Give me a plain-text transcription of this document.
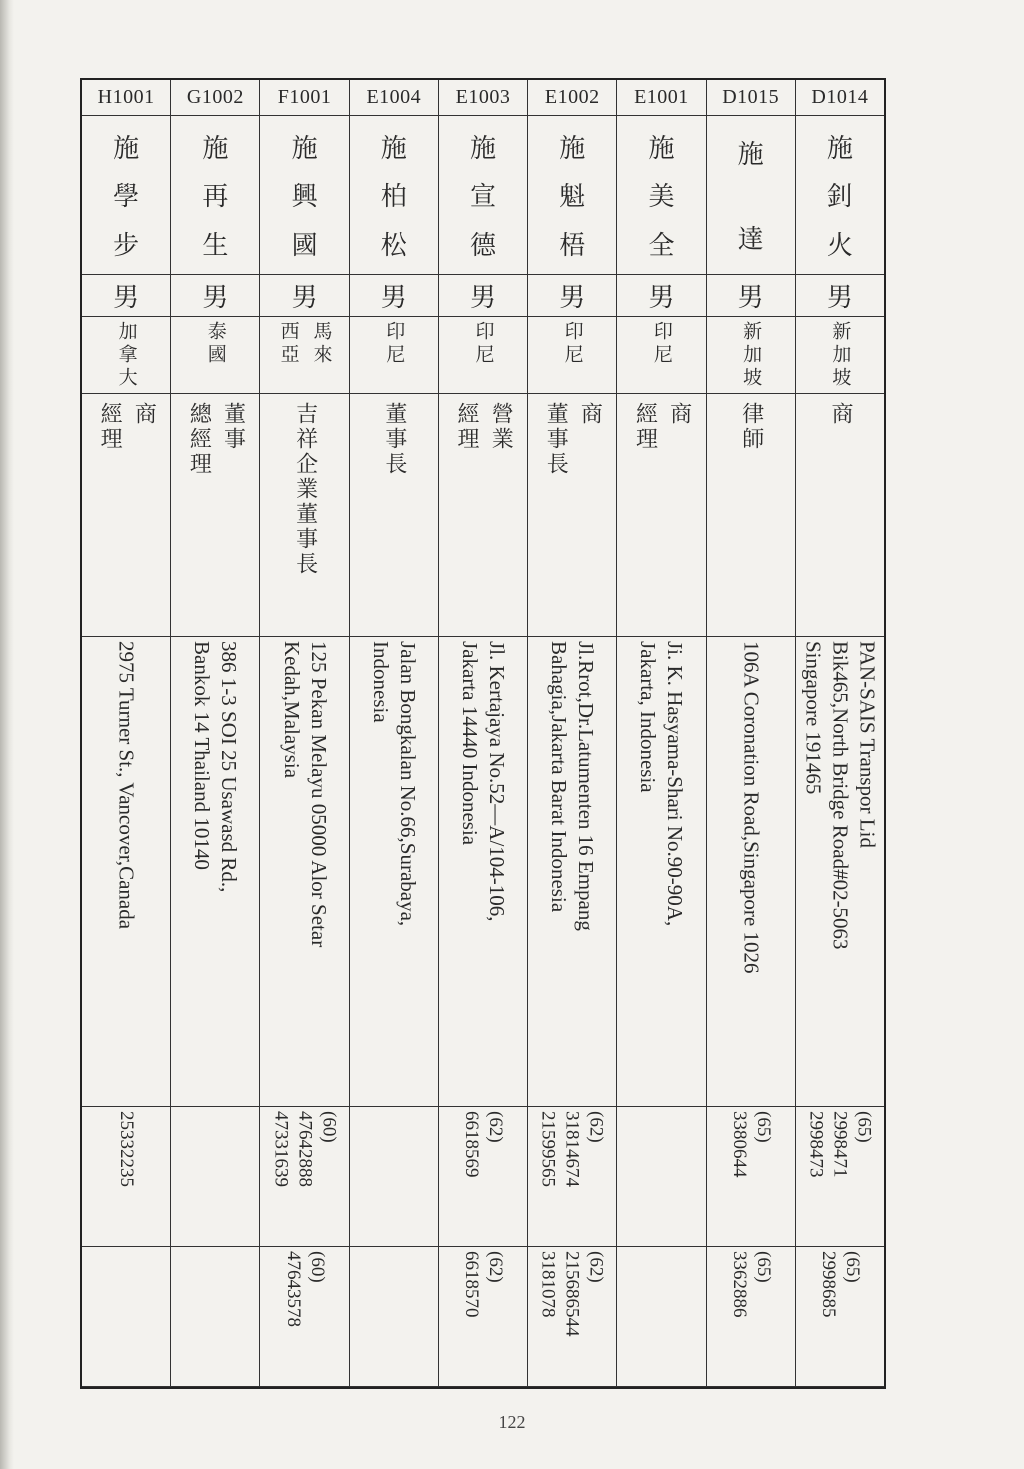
D1014
施
釗
火
男
新加坡
商
PAN-SAIS Transpor Lid
Bik465,North Bridge Road#02-5063
Singapore 191465
(65)
2998471
2998473
(65)
2998685
D1015
施
達
男
新加坡
律師
106A Coronation Road,Singapore 1026
(65)
3380644
(65)
3362886
E1001
施
美
全
男
印尼
商
經理
Ji. K. Hasyama-Shari No.90-90A,
Jakarta, Indonesia
E1002
施
魁
梧
男
印尼
商
董事長
Jl.Rrot,Dr.Latumenten 16 Empang
Bahagia,Jakarta Barat Indonesia
(62)
31814674
21599565
(62)
215686544
3181078
E1003
施
宣
德
男
印尼
營業
經理
Jl. Kertajaya No.52—A/104-106,
Jakarta 14440 Indonesia
(62)
6618569
(62)
6618570
E1004
施
柏
松
男
印尼
董事長
Jalan Bongkalan No.66,Surabaya,
Indonesia
F1001
施
興
國
男
馬來
西亞
吉祥企業董事長
125 Pekan Melayu 05000 Alor Setar
Kedah,Malaysia
(60)
47642888
47331639
(60)
47643578
G1002
施
再
生
男
泰國
董事
總經理
386 1-3 SOI 25 Usawasd Rd.,
Bankok 14 Thailand 10140
H1001
施
學
步
男
加拿大
商
經理
2975 Turner St., Vancover,Canada
25332235
122
